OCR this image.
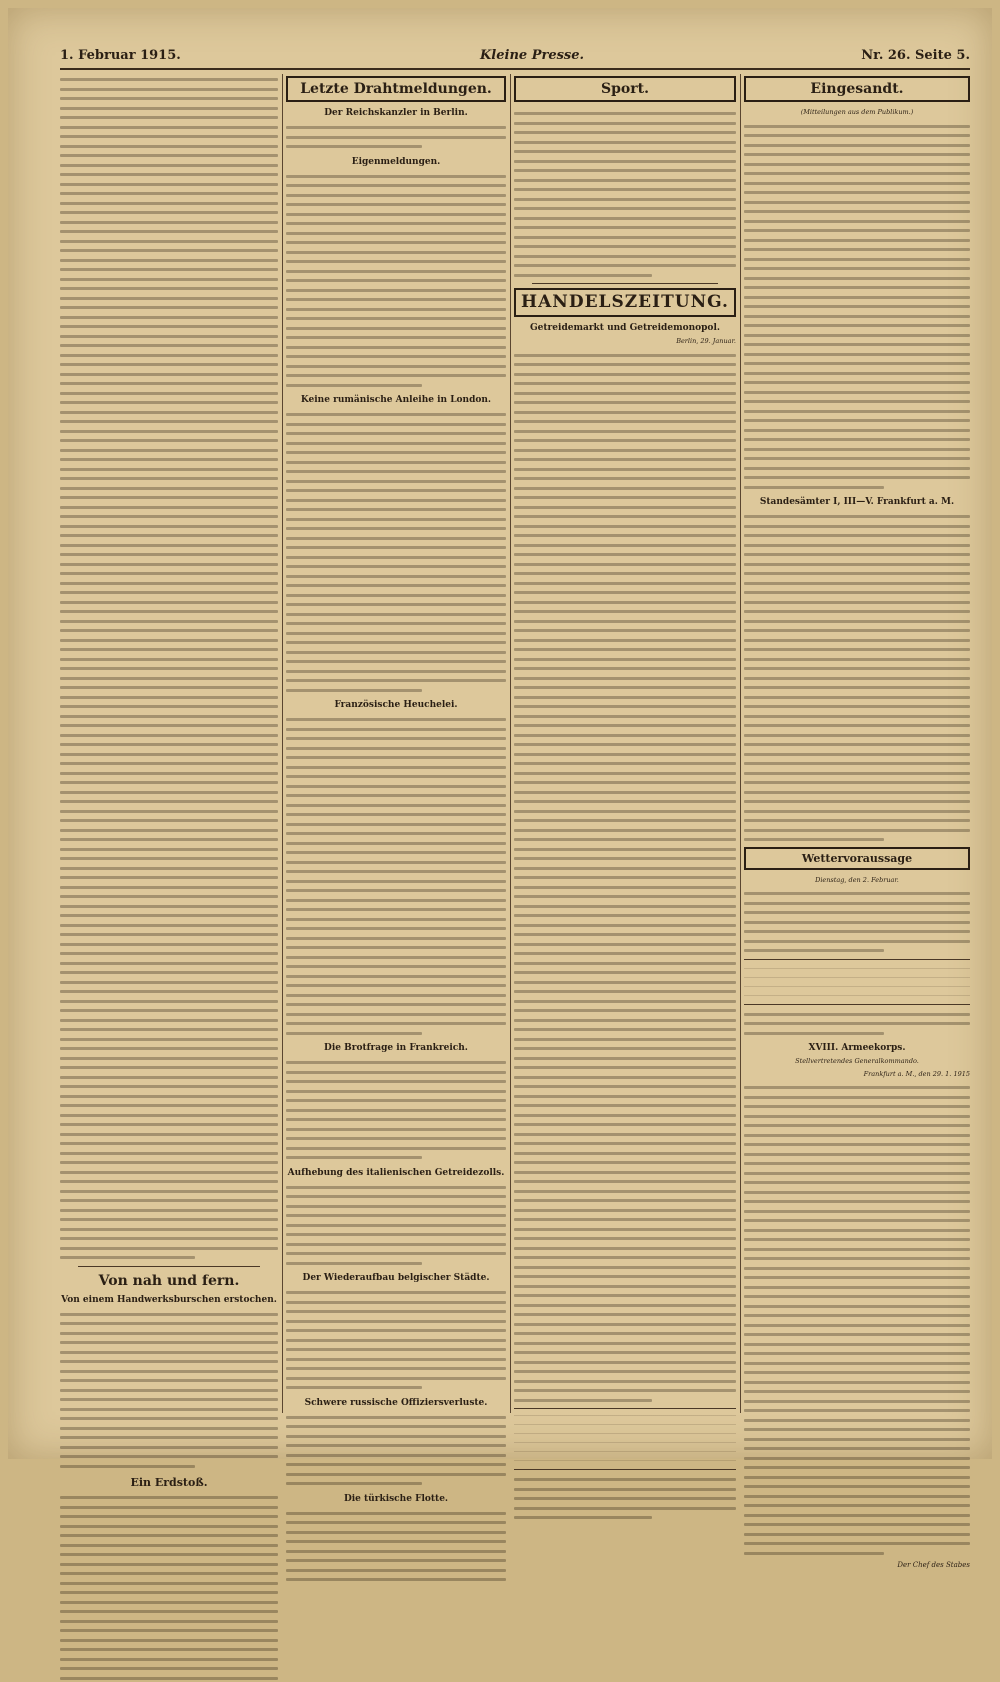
1. Februar 1915.	Kleine Presse.	Nr. 26. Seite 5.
Von nah und fern.
Von einem Handwerksburschen erstochen.
Ein Erdstoß.
Letzte Drahtmeldungen.
Der Reichskanzler in Berlin.
Eigenmeldungen.
Keine rumänische Anleihe in London.
Französische Heuchelei.
Die Brotfrage in Frankreich.
Aufhebung des italienischen Getreidezolls.
Der Wiederaufbau belgischer Städte.
Schwere russische Offiziersverluste.
Die türkische Flotte.
Sport.
HANDELSZEITUNG.
Getreidemarkt und Getreidemonopol.
Berlin, 29. Januar.
Eingesandt.
(Mitteilungen aus dem Publikum.)
Standesämter I, III—V. Frankfurt a. M.
Wettervoraussage
Dienstag, den 2. Februar.
XVIII. Armeekorps.
Stellvertretendes Generalkommando.
Frankfurt a. M., den 29. 1. 1915
Der Chef des Stabes
